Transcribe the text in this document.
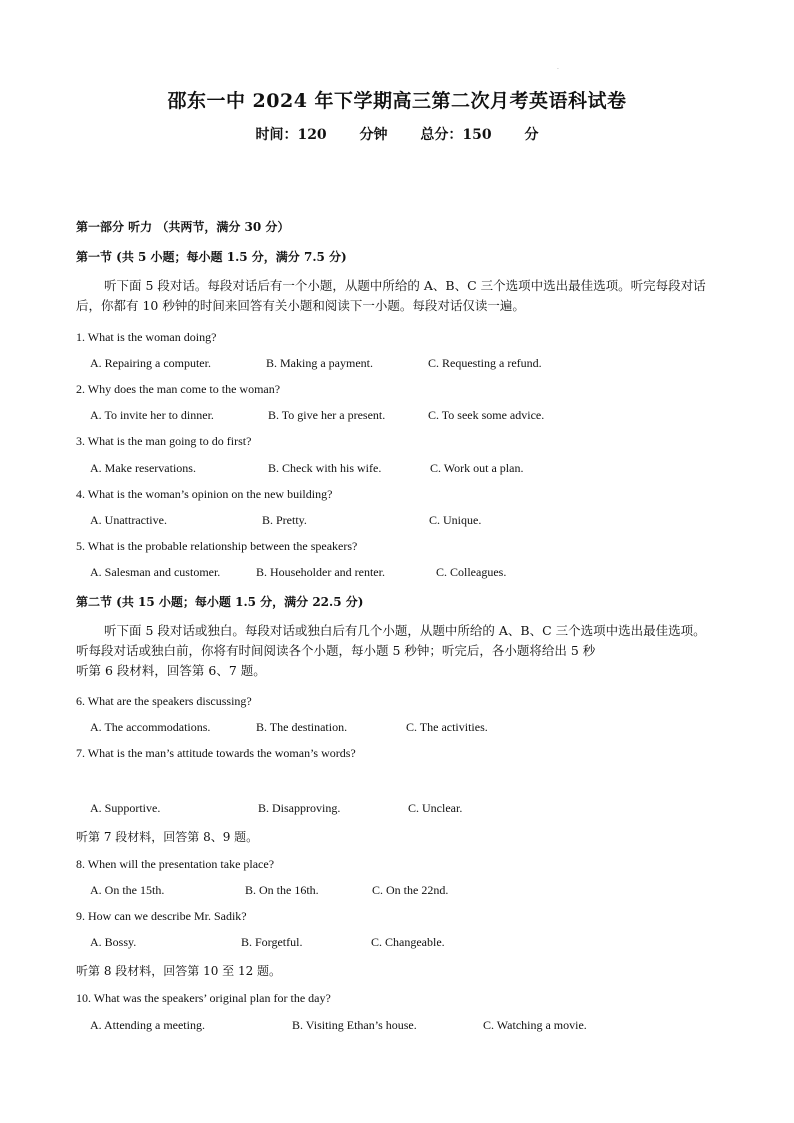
·
邵东一中 2024 年下学期高三第二次月考英语科试卷
时间：120 分钟 总分：150 分
第一部分 听力 （共两节，满分 30 分）
第一节 (共 5 小题；每小题 1.5 分，满分 7.5 分)
听下面 5 段对话。每段对话后有一个小题，从题中所给的 A、B、C 三个选项中选出最佳选项。听完每段对话后，你都有 10 秒钟的时间来回答有关小题和阅读下一小题。每段对话仅读一遍。
1. What is the woman doing?
A. Repairing a computer.	B. Making a payment.	C. Requesting a refund.
2. Why does the man come to the woman?
A. To invite her to dinner.	B. To give her a present.	C. To seek some advice.
3. What is the man going to do first?
A. Make reservations.	B. Check with his wife.	C. Work out a plan.
4. What is the woman’s opinion on the new building?
A. Unattractive.	B. Pretty.	C. Unique.
5. What is the probable relationship between the speakers?
A. Salesman and customer.	B. Householder and renter.	C. Colleagues.
第二节 (共 15 小题；每小题 1.5 分，满分 22.5 分)
听下面 5 段对话或独白。每段对话或独白后有几个小题，从题中所给的 A、B、C 三个选项中选出最佳选项。听每段对话或独白前，你将有时间阅读各个小题，每小题 5 秒钟；听完后，各小题将给出 5 秒
听第 6 段材料，回答第 6、7 题。
6. What are the speakers discussing?
A. The accommodations.	B. The destination.	C. The activities.
7. What is the man’s attitude towards the woman’s words?
A. Supportive.	B. Disapproving.	C. Unclear.
听第 7 段材料，回答第 8、9 题。
8. When will the presentation take place?
A. On the 15th.	B. On the 16th.	C. On the 22nd.
9. How can we describe Mr. Sadik?
A. Bossy.	B. Forgetful.	C. Changeable.
听第 8 段材料，回答第 10 至 12 题。
10. What was the speakers’ original plan for the day?
A. Attending a meeting.	B. Visiting Ethan’s house.	C. Watching a movie.
